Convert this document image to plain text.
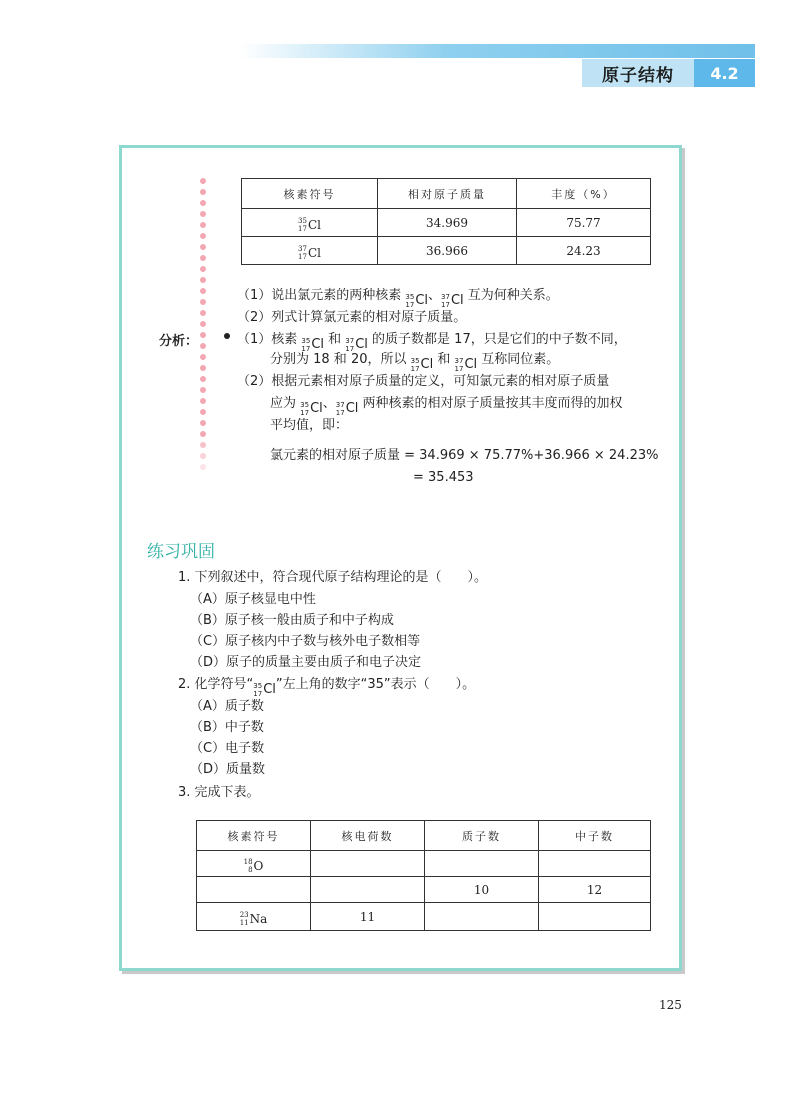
原子结构	4.2
核素符号	相对原子质量	丰度（%）

35
17 Cl	34.969	75.77

37
17 Cl	36.966	24.23
（1）说出氯元素的两种核素 35
17 Cl 、 37
17 Cl 互为何种关系。
（2）列式计算氯元素的相对原子质量。
分析：	（1）核素 35
17 Cl 和 37
17 Cl 的质子数都是 17，只是它们的中子数不同，
分别为 18 和 20，所以 35
17 Cl 和 37
17 Cl 互称同位素。
（2）根据元素相对原子质量的定义，可知氯元素的相对原子质量
应为 35
17 Cl 、 37
17 Cl 两种核素的相对原子质量按其丰度而得的加权
平均值，即：
氯元素的相对原子质量 = 34.969 × 75.77%+36.966 × 24.23%
= 35.453
练习巩固
1. 下列叙述中，符合现代原子结构理论的是（　　）。
（A）原子核显电中性
（B）原子核一般由质子和中子构成
（C）原子核内中子数与核外电子数相等
（D）原子的质量主要由质子和电子决定
2. 化学符号“ 35
17 Cl ”左上角的数字“35”表示（　　）。
（A）质子数
（B）中子数
（C）电子数
（D）质量数
3. 完成下表。
核素符号	核电荷数	质子数	中子数

18
8 O			

		10	12

23
11 Na	11		
125
